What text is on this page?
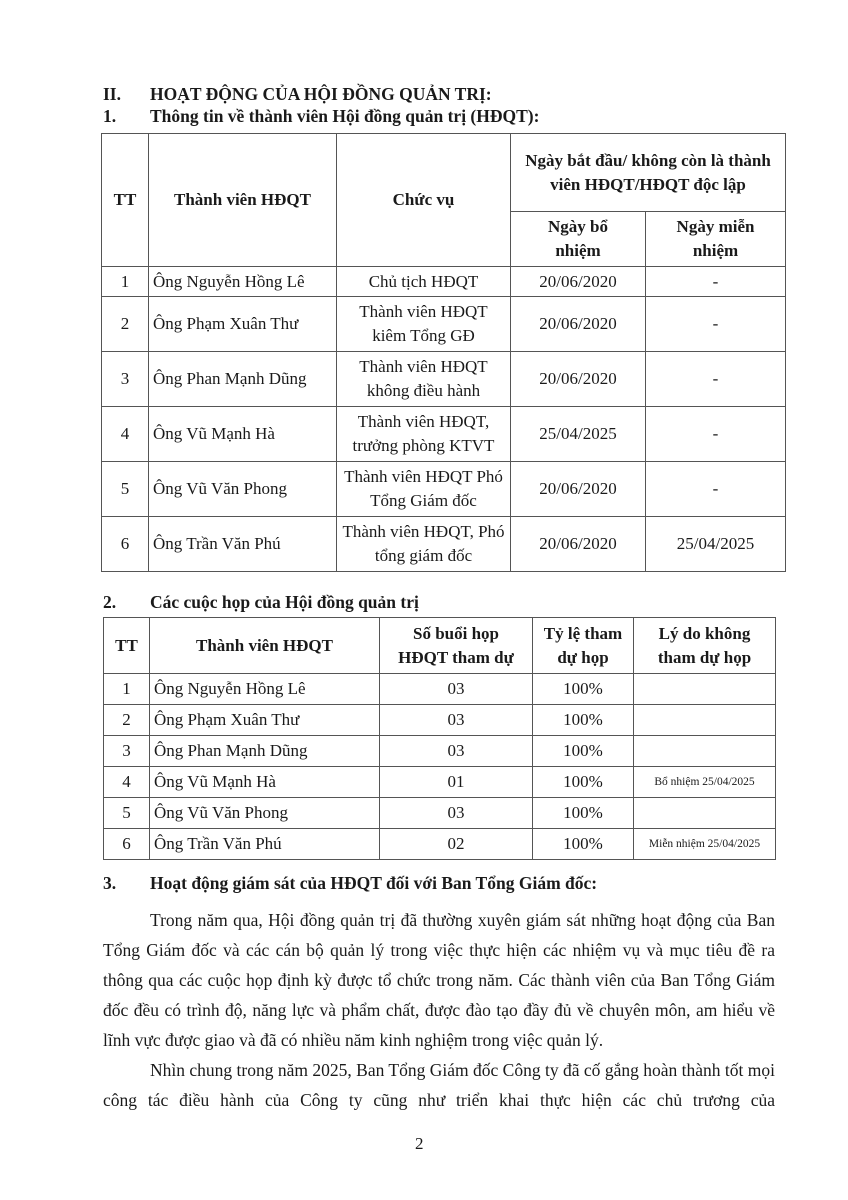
II. HOẠT ĐỘNG CỦA HỘI ĐỒNG QUẢN TRỊ:
1. Thông tin về thành viên Hội đồng quản trị (HĐQT):
TT	Thành viên HĐQT	Chức vụ	Ngày bắt đầu/ không còn là thành viên HĐQT/HĐQT độc lập	
			Ngày bổ nhiệm	Ngày miễn nhiệm
1	Ông Nguyễn Hồng Lê	Chủ tịch HĐQT	20/06/2020	-
2	Ông Phạm Xuân Thư	Thành viên HĐQT kiêm Tổng GĐ	20/06/2020	-
3	Ông Phan Mạnh Dũng	Thành viên HĐQT không điều hành	20/06/2020	-
4	Ông Vũ Mạnh Hà	Thành viên HĐQT, trưởng phòng KTVT	25/04/2025	-
5	Ông Vũ Văn Phong	Thành viên HĐQT Phó Tổng Giám đốc	20/06/2020	-
6	Ông Trần Văn Phú	Thành viên HĐQT, Phó tổng giám đốc	20/06/2020	25/04/2025
2. Các cuộc họp của Hội đồng quản trị
TT	Thành viên HĐQT	Số buổi họp HĐQT tham dự	Tỷ lệ tham dự họp	Lý do không tham dự họp
1	Ông Nguyễn Hồng Lê	03	100%	
2	Ông Phạm Xuân Thư	03	100%	
3	Ông Phan Mạnh Dũng	03	100%	
4	Ông Vũ Mạnh Hà	01	100%	Bổ nhiệm 25/04/2025
5	Ông Vũ Văn Phong	03	100%	
6	Ông Trần Văn Phú	02	100%	Miễn nhiệm 25/04/2025
3. Hoạt động giám sát của HĐQT đối với Ban Tổng Giám đốc:
Trong năm qua, Hội đồng quản trị đã thường xuyên giám sát những hoạt động của Ban Tổng Giám đốc và các cán bộ quản lý trong việc thực hiện các nhiệm vụ và mục tiêu đề ra thông qua các cuộc họp định kỳ được tổ chức trong năm. Các thành viên của Ban Tổng Giám đốc đều có trình độ, năng lực và phẩm chất, được đào tạo đầy đủ về chuyên môn, am hiểu về lĩnh vực được giao và đã có nhiều năm kinh nghiệm trong việc quản lý.
Nhìn chung trong năm 2025, Ban Tổng Giám đốc Công ty đã cố gắng hoàn thành tốt mọi công tác điều hành của Công ty cũng như triển khai thực hiện các chủ trương của
2
